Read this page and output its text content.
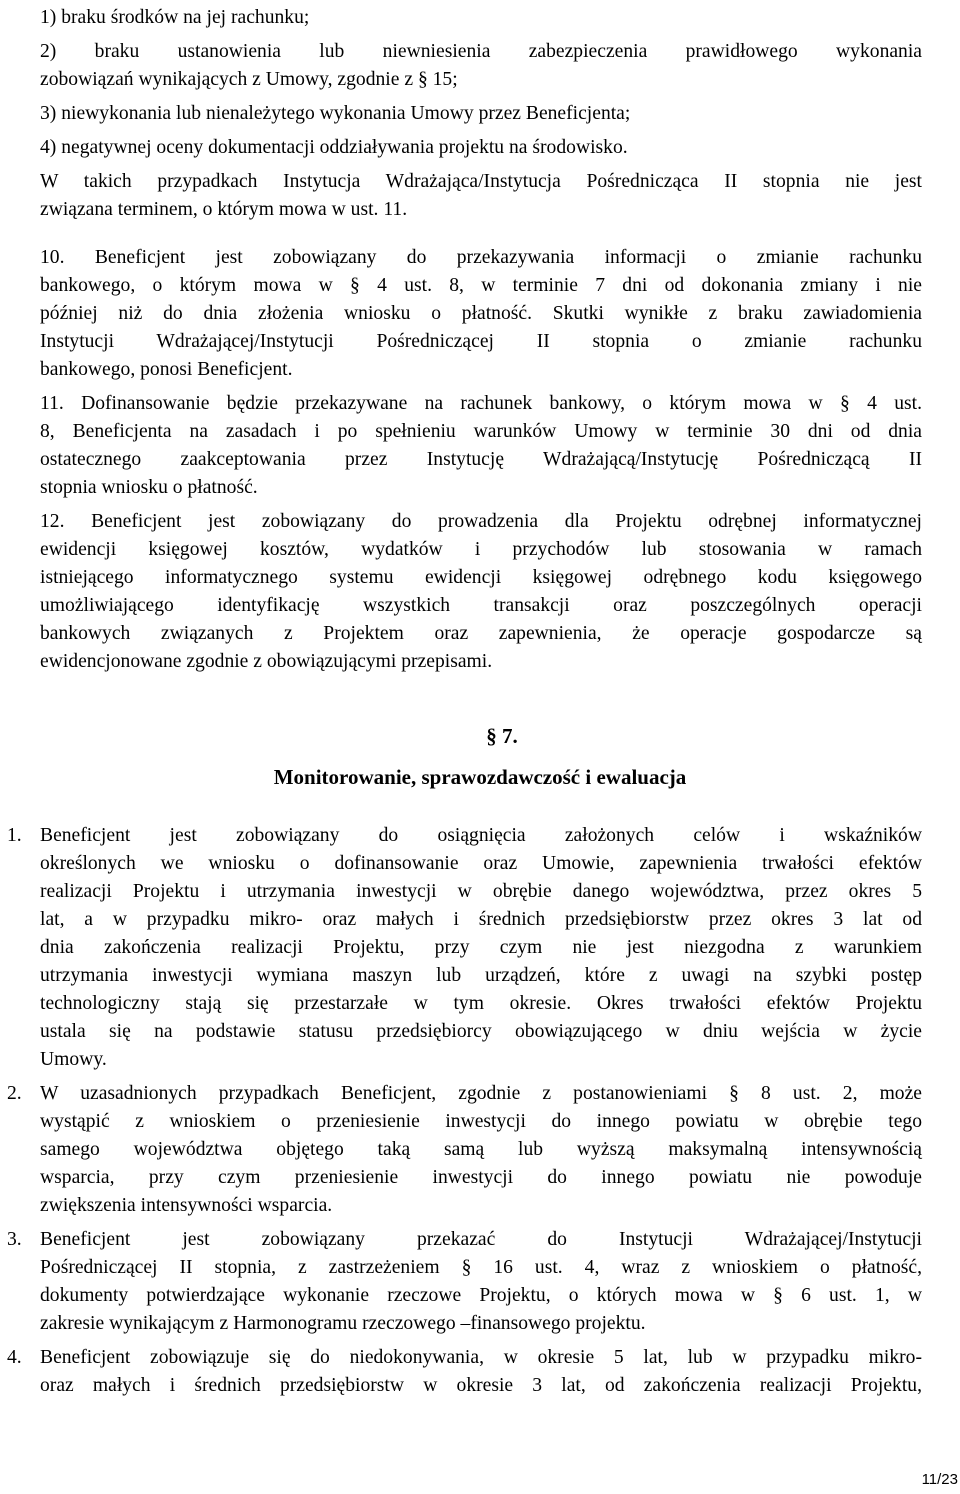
1) braku środków na jej rachunku;
2) braku ustanowienia lub niewniesienia zabezpieczenia prawidłowego wykonania
zobowiązań wynikających z Umowy, zgodnie z § 15;
3) niewykonania lub nienależytego wykonania Umowy przez Beneficjenta;
4) negatywnej oceny dokumentacji oddziaływania projektu na środowisko.
W takich przypadkach Instytucja Wdrażająca/Instytucja Pośrednicząca II stopnia nie jest
związana terminem, o którym mowa w ust. 11.
10. Beneficjent jest zobowiązany do przekazywania informacji o zmianie rachunku
bankowego, o którym mowa w § 4 ust. 8, w terminie 7 dni od dokonania zmiany i nie
później niż do dnia złożenia wniosku o płatność. Skutki wynikłe z braku zawiadomienia
Instytucji Wdrażającej/Instytucji Pośredniczącej II stopnia o zmianie rachunku
bankowego, ponosi Beneficjent.
11. Dofinansowanie będzie przekazywane na rachunek bankowy, o którym mowa w § 4 ust.
8, Beneficjenta na zasadach i po spełnieniu warunków Umowy w terminie 30 dni od dnia
ostatecznego zaakceptowania przez Instytucję Wdrażającą/Instytucję Pośredniczącą II
stopnia wniosku o płatność.
12. Beneficjent jest zobowiązany do prowadzenia dla Projektu odrębnej informatycznej
ewidencji księgowej kosztów, wydatków i przychodów lub stosowania w ramach
istniejącego informatycznego systemu ewidencji księgowej odrębnego kodu księgowego
umożliwiającego identyfikację wszystkich transakcji oraz poszczególnych operacji
bankowych związanych z Projektem oraz zapewnienia, że operacje gospodarcze są
ewidencjonowane zgodnie z obowiązującymi przepisami.
Beneficjent jest zobowiązany do osiągnięcia założonych celów i wskaźników
określonych we wniosku o dofinansowanie oraz Umowie, zapewnienia trwałości efektów
realizacji Projektu i utrzymania inwestycji w obrębie danego województwa, przez okres 5
lat, a w przypadku mikro- oraz małych i średnich przedsiębiorstw przez okres 3 lat od
dnia zakończenia realizacji Projektu, przy czym nie jest niezgodna z warunkiem
utrzymania inwestycji wymiana maszyn lub urządzeń, które z uwagi na szybki postęp
technologiczny stają się przestarzałe w tym okresie. Okres trwałości efektów Projektu
ustala się na podstawie statusu przedsiębiorcy obowiązującego w dniu wejścia w życie
Umowy.
W uzasadnionych przypadkach Beneficjent, zgodnie z postanowieniami § 8 ust. 2, może
wystąpić z wnioskiem o przeniesienie inwestycji do innego powiatu w obrębie tego
samego województwa objętego taką samą lub wyższą maksymalną intensywnością
wsparcia, przy czym przeniesienie inwestycji do innego powiatu nie powoduje
zwiększenia intensywności wsparcia.
Beneficjent jest zobowiązany przekazać do Instytucji Wdrażającej/Instytucji
Pośredniczącej II stopnia, z zastrzeżeniem § 16 ust. 4, wraz z wnioskiem o płatność,
dokumenty potwierdzające wykonanie rzeczowe Projektu, o których mowa w § 6 ust. 1, w
zakresie wynikającym z Harmonogramu rzeczowego –finansowego projektu.
Beneficjent zobowiązuje się do niedokonywania, w okresie 5 lat, lub w przypadku mikro-
oraz małych i średnich przedsiębiorstw w okresie 3 lat, od zakończenia realizacji Projektu,
1.
2.
3.
4.
§ 7.
Monitorowanie, sprawozdawczość i ewaluacja
11/23
